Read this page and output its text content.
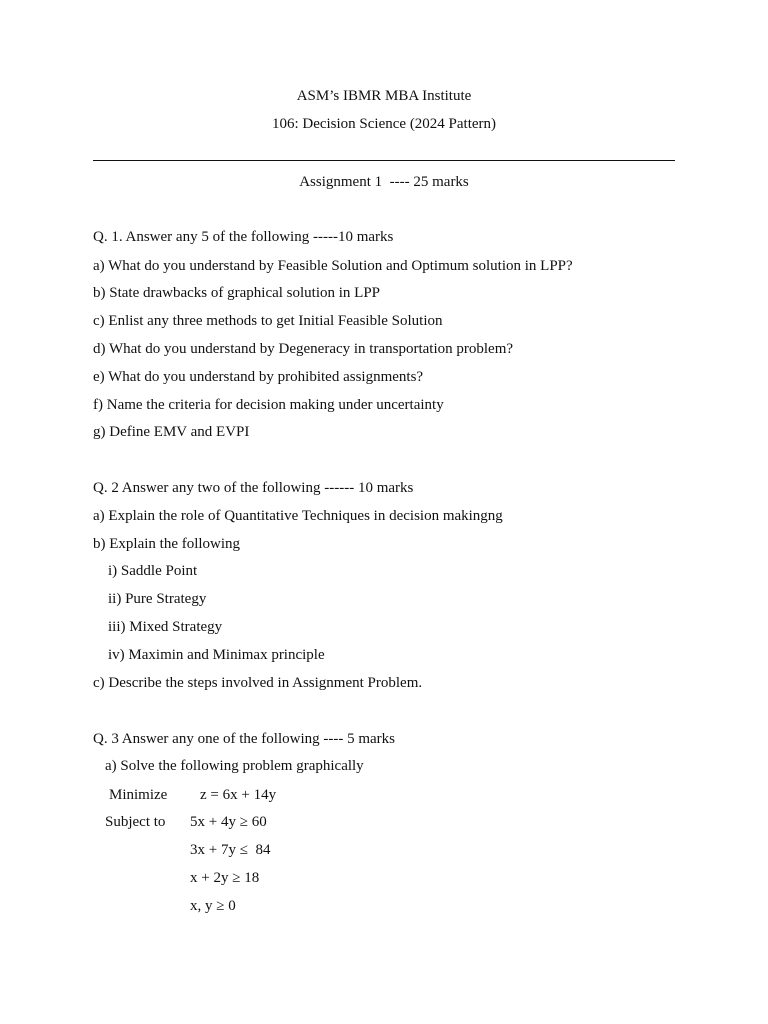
ASM’s IBMR MBA Institute
106: Decision Science (2024 Pattern)
Assignment 1  ---- 25 marks
Q. 1. Answer any 5 of the following -----10 marks
a) What do you understand by Feasible Solution and Optimum solution in LPP?
b) State drawbacks of graphical solution in LPP
c) Enlist any three methods to get Initial Feasible Solution
d) What do you understand by Degeneracy in transportation problem?
e) What do you understand by prohibited assignments?
f) Name the criteria for decision making under uncertainty
g) Define EMV and EVPI
Q. 2 Answer any two of the following ------ 10 marks
a) Explain the role of Quantitative Techniques in decision makingng
b) Explain the following
i) Saddle Point
ii) Pure Strategy
iii) Mixed Strategy
iv) Maximin and Minimax principle
c) Describe the steps involved in Assignment Problem.
Q. 3 Answer any one of the following ---- 5 marks
a) Solve the following problem graphically
Minimize z = 6x + 14y
Subject to 5x + 4y ≥ 60
3x + 7y ≤  84
x + 2y ≥ 18
x, y ≥ 0
